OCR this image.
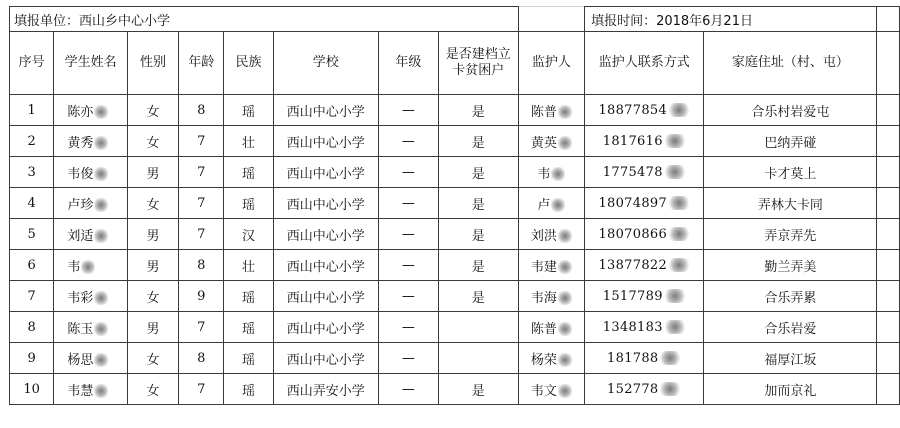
填报单位：西山乡中心小学									填报时间：2018年6月21日		
序号	学生姓名	性别	年龄	民族	学校	年级	是否建档立卡贫困户	监护人	监护人联系方式	家庭住址（村、屯）	
1	陈亦	女	8	瑶	西山中心小学	—	是	陈普	18877854	合乐村岩爱屯	
2	黄秀	女	7	壮	西山中心小学	—	是	黄英	1817616	巴纳弄碰	
3	韦俊	男	7	瑶	西山中心小学	—	是	韦	1775478	卡才莫上	
4	卢珍	女	7	瑶	西山中心小学	—	是	卢	18074897	弄林大卡同	
5	刘适	男	7	汉	西山中心小学	—	是	刘洪	18070866	弄京弄先	
6	韦	男	8	壮	西山中心小学	—	是	韦建	13877822	勤兰弄美	
7	韦彩	女	9	瑶	西山中心小学	—	是	韦海	1517789	合乐弄累	
8	陈玉	男	7	瑶	西山中心小学	—		陈普	1348183	合乐岩爱	
9	杨思	女	8	瑶	西山中心小学	—		杨荣	181788	福厚江坂	
10	韦慧	女	7	瑶	西山弄安小学	—	是	韦文	152778	加而京礼	
